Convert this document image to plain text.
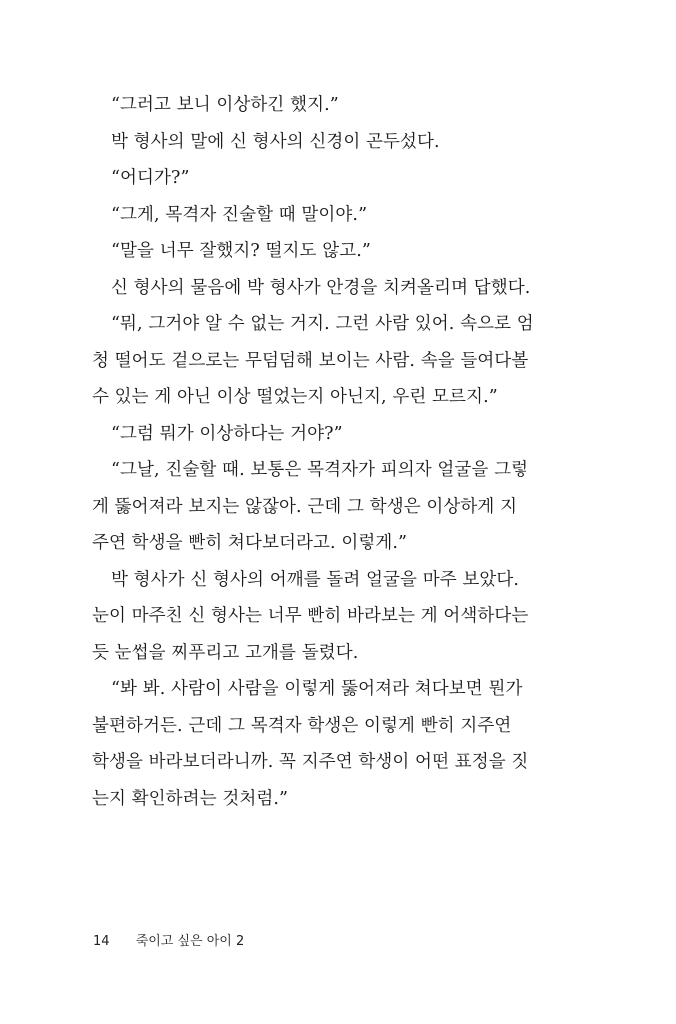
“그러고 보니 이상하긴 했지.”
박 형사의 말에 신 형사의 신경이 곤두섰다.
“어디가?”
“그게, 목격자 진술할 때 말이야.”
“말을 너무 잘했지? 떨지도 않고.”
신 형사의 물음에 박 형사가 안경을 치켜올리며 답했다.
“뭐, 그거야 알 수 없는 거지. 그런 사람 있어. 속으로 엄
청 떨어도 겉으로는 무덤덤해 보이는 사람. 속을 들여다볼
수 있는 게 아닌 이상 떨었는지 아닌지, 우린 모르지.”
“그럼 뭐가 이상하다는 거야?”
“그날, 진술할 때. 보통은 목격자가 피의자 얼굴을 그렇
게 뚫어져라 보지는 않잖아. 근데 그 학생은 이상하게 지
주연 학생을 빤히 쳐다보더라고. 이렇게.”
박 형사가 신 형사의 어깨를 돌려 얼굴을 마주 보았다.
눈이 마주친 신 형사는 너무 빤히 바라보는 게 어색하다는
듯 눈썹을 찌푸리고 고개를 돌렸다.
“봐 봐. 사람이 사람을 이렇게 뚫어져라 쳐다보면 뭔가
불편하거든. 근데 그 목격자 학생은 이렇게 빤히 지주연
학생을 바라보더라니까. 꼭 지주연 학생이 어떤 표정을 짓
는지 확인하려는 것처럼.”
14 죽이고 싶은 아이 2
